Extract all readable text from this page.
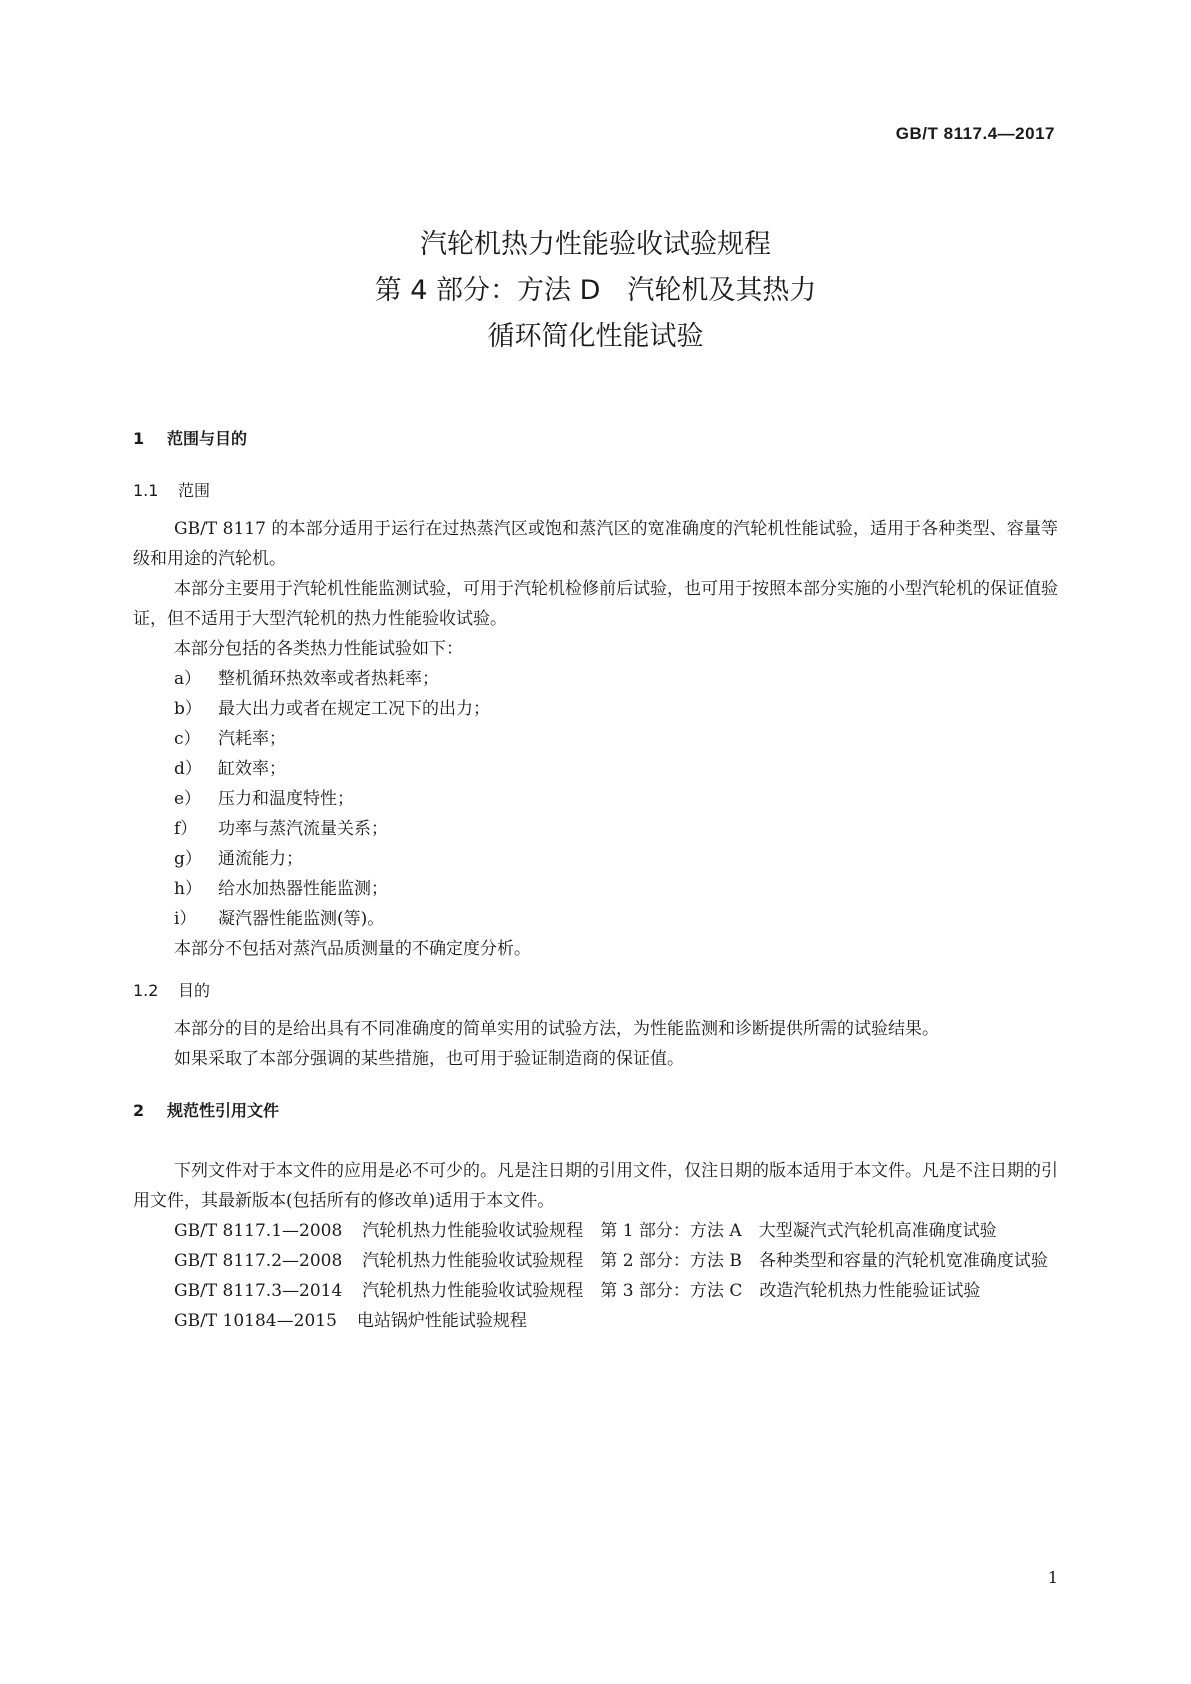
GB/T 8117.4—2017
汽轮机热力性能验收试验规程
第 4 部分：方法 D　汽轮机及其热力
循环简化性能试验
1 范围与目的
1.1 范围

GB/T 8117 的本部分适用于运行在过热蒸汽区或饱和蒸汽区的宽准确度的汽轮机性能试验，适用于各种类型、容量等级和用途的汽轮机。

本部分主要用于汽轮机性能监测试验，可用于汽轮机检修前后试验，也可用于按照本部分实施的小型汽轮机的保证值验证，但不适用于大型汽轮机的热力性能验收试验。

本部分包括的各类热力性能试验如下：

a） 整机循环热效率或者热耗率；
b） 最大出力或者在规定工况下的出力；
c） 汽耗率；
d） 缸效率；
e） 压力和温度特性；
f） 功率与蒸汽流量关系；
g） 通流能力；
h） 给水加热器性能监测；
i） 凝汽器性能监测(等)。

本部分不包括对蒸汽品质测量的不确定度分析。

1.2 目的

本部分的目的是给出具有不同准确度的简单实用的试验方法，为性能监测和诊断提供所需的试验结果。

如果采取了本部分强调的某些措施，也可用于验证制造商的保证值。

2 规范性引用文件

下列文件对于本文件的应用是必不可少的。凡是注日期的引用文件，仅注日期的版本适用于本文件。凡是不注日期的引用文件，其最新版本(包括所有的修改单)适用于本文件。

GB/T 8117.1—2008 汽轮机热力性能验收试验规程　第 1 部分：方法 A　大型凝汽式汽轮机高准确度试验

GB/T 8117.2—2008 汽轮机热力性能验收试验规程　第 2 部分：方法 B　各种类型和容量的汽轮机宽准确度试验

GB/T 8117.3—2014 汽轮机热力性能验收试验规程　第 3 部分：方法 C　改造汽轮机热力性能验证试验

GB/T 10184—2015 电站锅炉性能试验规程

1
